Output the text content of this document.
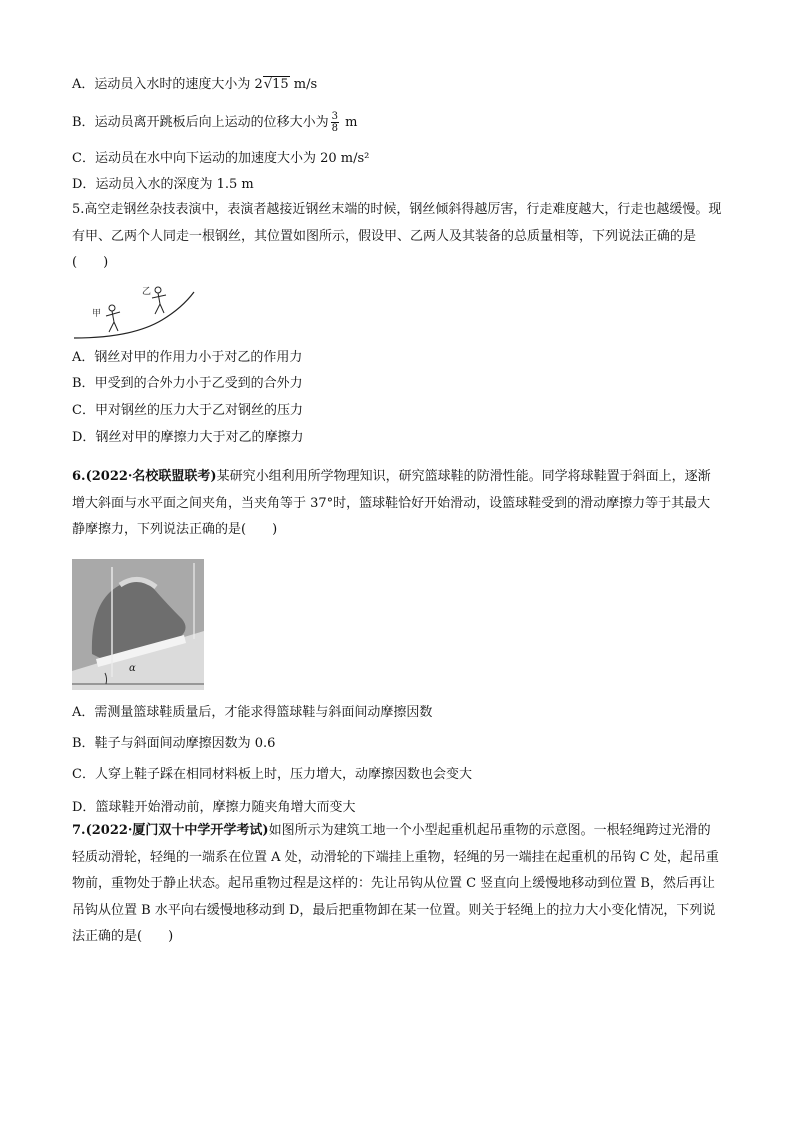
A．运动员入水时的速度大小为 2√15 m/s
B．运动员离开跳板后向上运动的位移大小为 $\frac{3}{8}$ m
C．运动员在水中向下运动的加速度大小为 20 m/s²
D．运动员入水的深度为 1.5 m
5.高空走钢丝杂技表演中，表演者越接近钢丝末端的时候，钢丝倾斜得越厉害，行走难度越大，行走也越缓慢。现有甲、乙两个人同走一根钢丝，其位置如图所示，假设甲、乙两人及其装备的总质量相等，下列说法正确的是(　　)
甲
乙
A．钢丝对甲的作用力小于对乙的作用力
B．甲受到的合外力小于乙受到的合外力
C．甲对钢丝的压力大于乙对钢丝的压力
D．钢丝对甲的摩擦力大于对乙的摩擦力
6.(2022·名校联盟联考)某研究小组利用所学物理知识，研究篮球鞋的防滑性能。同学将球鞋置于斜面上，逐渐增大斜面与水平面之间夹角，当夹角等于 37°时，篮球鞋恰好开始滑动，设篮球鞋受到的滑动摩擦力等于其最大静摩擦力，下列说法正确的是(　　)
α
A．需测量篮球鞋质量后，才能求得篮球鞋与斜面间动摩擦因数
B．鞋子与斜面间动摩擦因数为 0.6
C．人穿上鞋子踩在相同材料板上时，压力增大，动摩擦因数也会变大
D．篮球鞋开始滑动前，摩擦力随夹角增大而变大
7.(2022·厦门双十中学开学考试)如图所示为建筑工地一个小型起重机起吊重物的示意图。一根轻绳跨过光滑的轻质动滑轮，轻绳的一端系在位置 A 处，动滑轮的下端挂上重物，轻绳的另一端挂在起重机的吊钩 C 处，起吊重物前，重物处于静止状态。起吊重物过程是这样的：先让吊钩从位置 C 竖直向上缓慢地移动到位置 B，然后再让吊钩从位置 B 水平向右缓慢地移动到 D，最后把重物卸在某一位置。则关于轻绳上的拉力大小变化情况，下列说法正确的是(　　)
